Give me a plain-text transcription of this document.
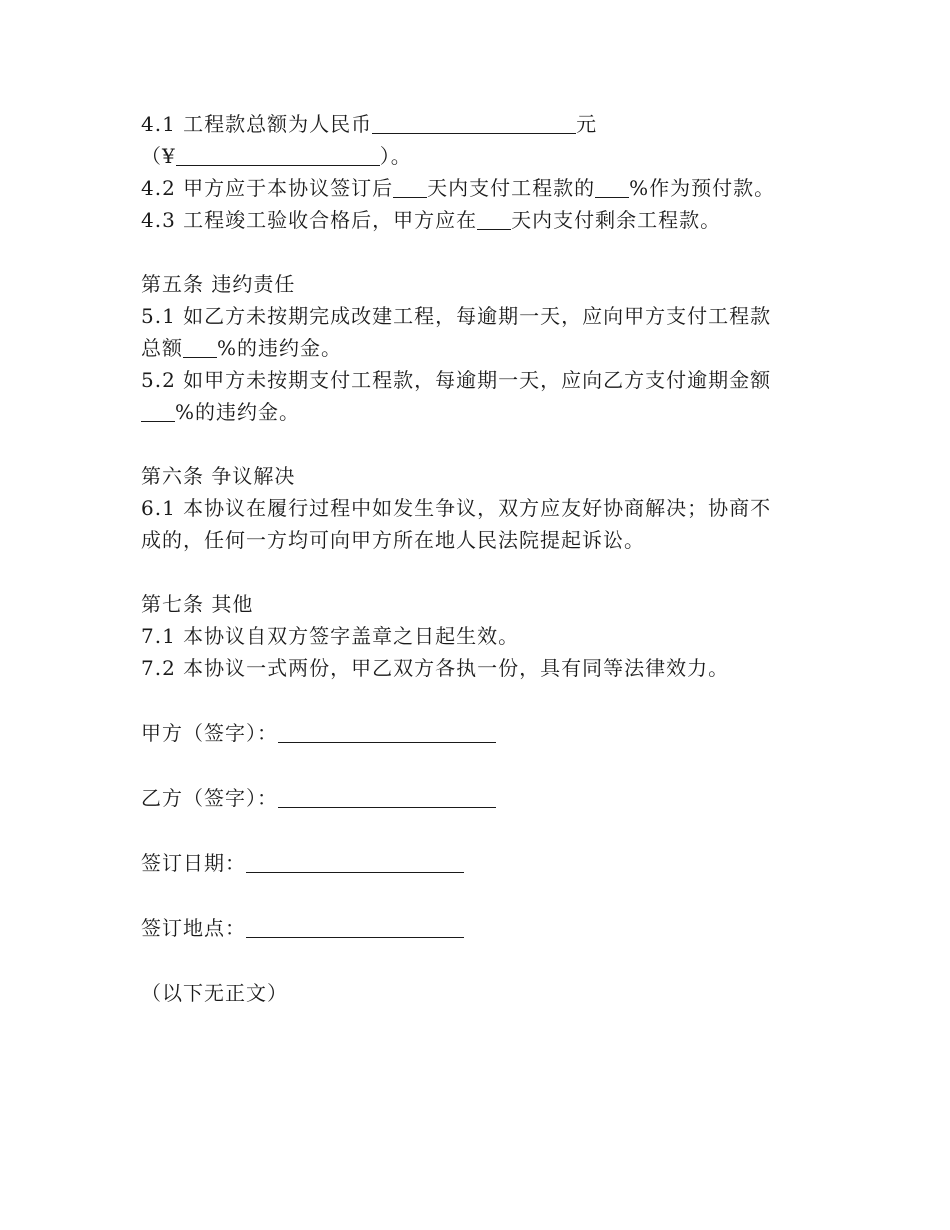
4.1 工程款总额为人民币	元
（¥	）。
4.2 甲方应于本协议签订后 天内支付工程款的 %作为预付款。
4.3 工程竣工验收合格后，甲方应在 天内支付剩余工程款。
第五条 违约责任
5.1 如乙方未按期完成改建工程，每逾期一天，应向甲方支付工程款
总额 %的违约金。
5.2 如甲方未按期支付工程款，每逾期一天，应向乙方支付逾期金额
%的违约金。
第六条 争议解决
6.1 本协议在履行过程中如发生争议，双方应友好协商解决；协商不
成的，任何一方均可向甲方所在地人民法院提起诉讼。
第七条 其他
7.1 本协议自双方签字盖章之日起生效。
7.2 本协议一式两份，甲乙双方各执一份，具有同等法律效力。
甲方（签字）：
乙方（签字）：
签订日期：
签订地点：
（以下无正文）
